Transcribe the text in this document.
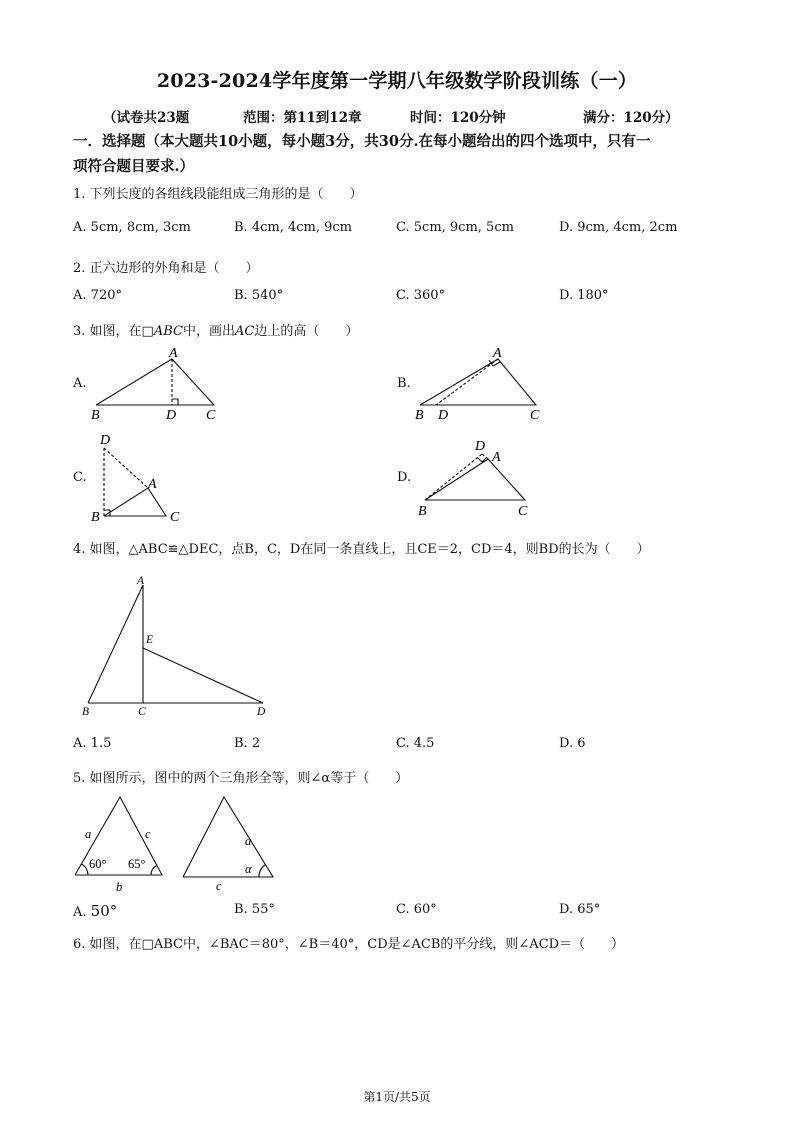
2023-2024学年度第一学期八年级数学阶段训练（一）
（试卷共23题	范围：第11到12章	时间：120分钟	满分：120分）
一．选择题（本大题共10小题，每小题3分，共30分.在每小题给出的四个选项中，只有一
项符合题目要求.）
1. 下列长度的各组线段能组成三角形的是（　　）
A. 5cm, 8cm, 3cm	B. 4cm, 4cm, 9cm	C. 5cm, 9cm, 5cm	D. 9cm, 4cm, 2cm
2. 正六边形的外角和是（　　）
A. 720°	B. 540°	C. 360°	D. 180°
3. 如图，在□ABC中，画出AC边上的高（　　）
A.
A
B	D C
B.
A
B D	C
C.
D
A
B	C
D.
D
A
B	C
4. 如图，△ABC≌△DEC，点B，C，D在同一条直线上，且CE＝2，CD＝4，则BD的长为（　　）
A
E
B	C	D
A. 1.5	B. 2	C. 4.5	D. 6
5. 如图所示，图中的两个三角形全等，则∠α等于（　　）
a	c
60° 65°
b
a
α
c
A. 50°	B. 55°	C. 60°	D. 65°
6. 如图，在□ABC中，∠BAC＝80°，∠B＝40°，CD是∠ACB的平分线，则∠ACD＝（　　）
第1页/共5页
